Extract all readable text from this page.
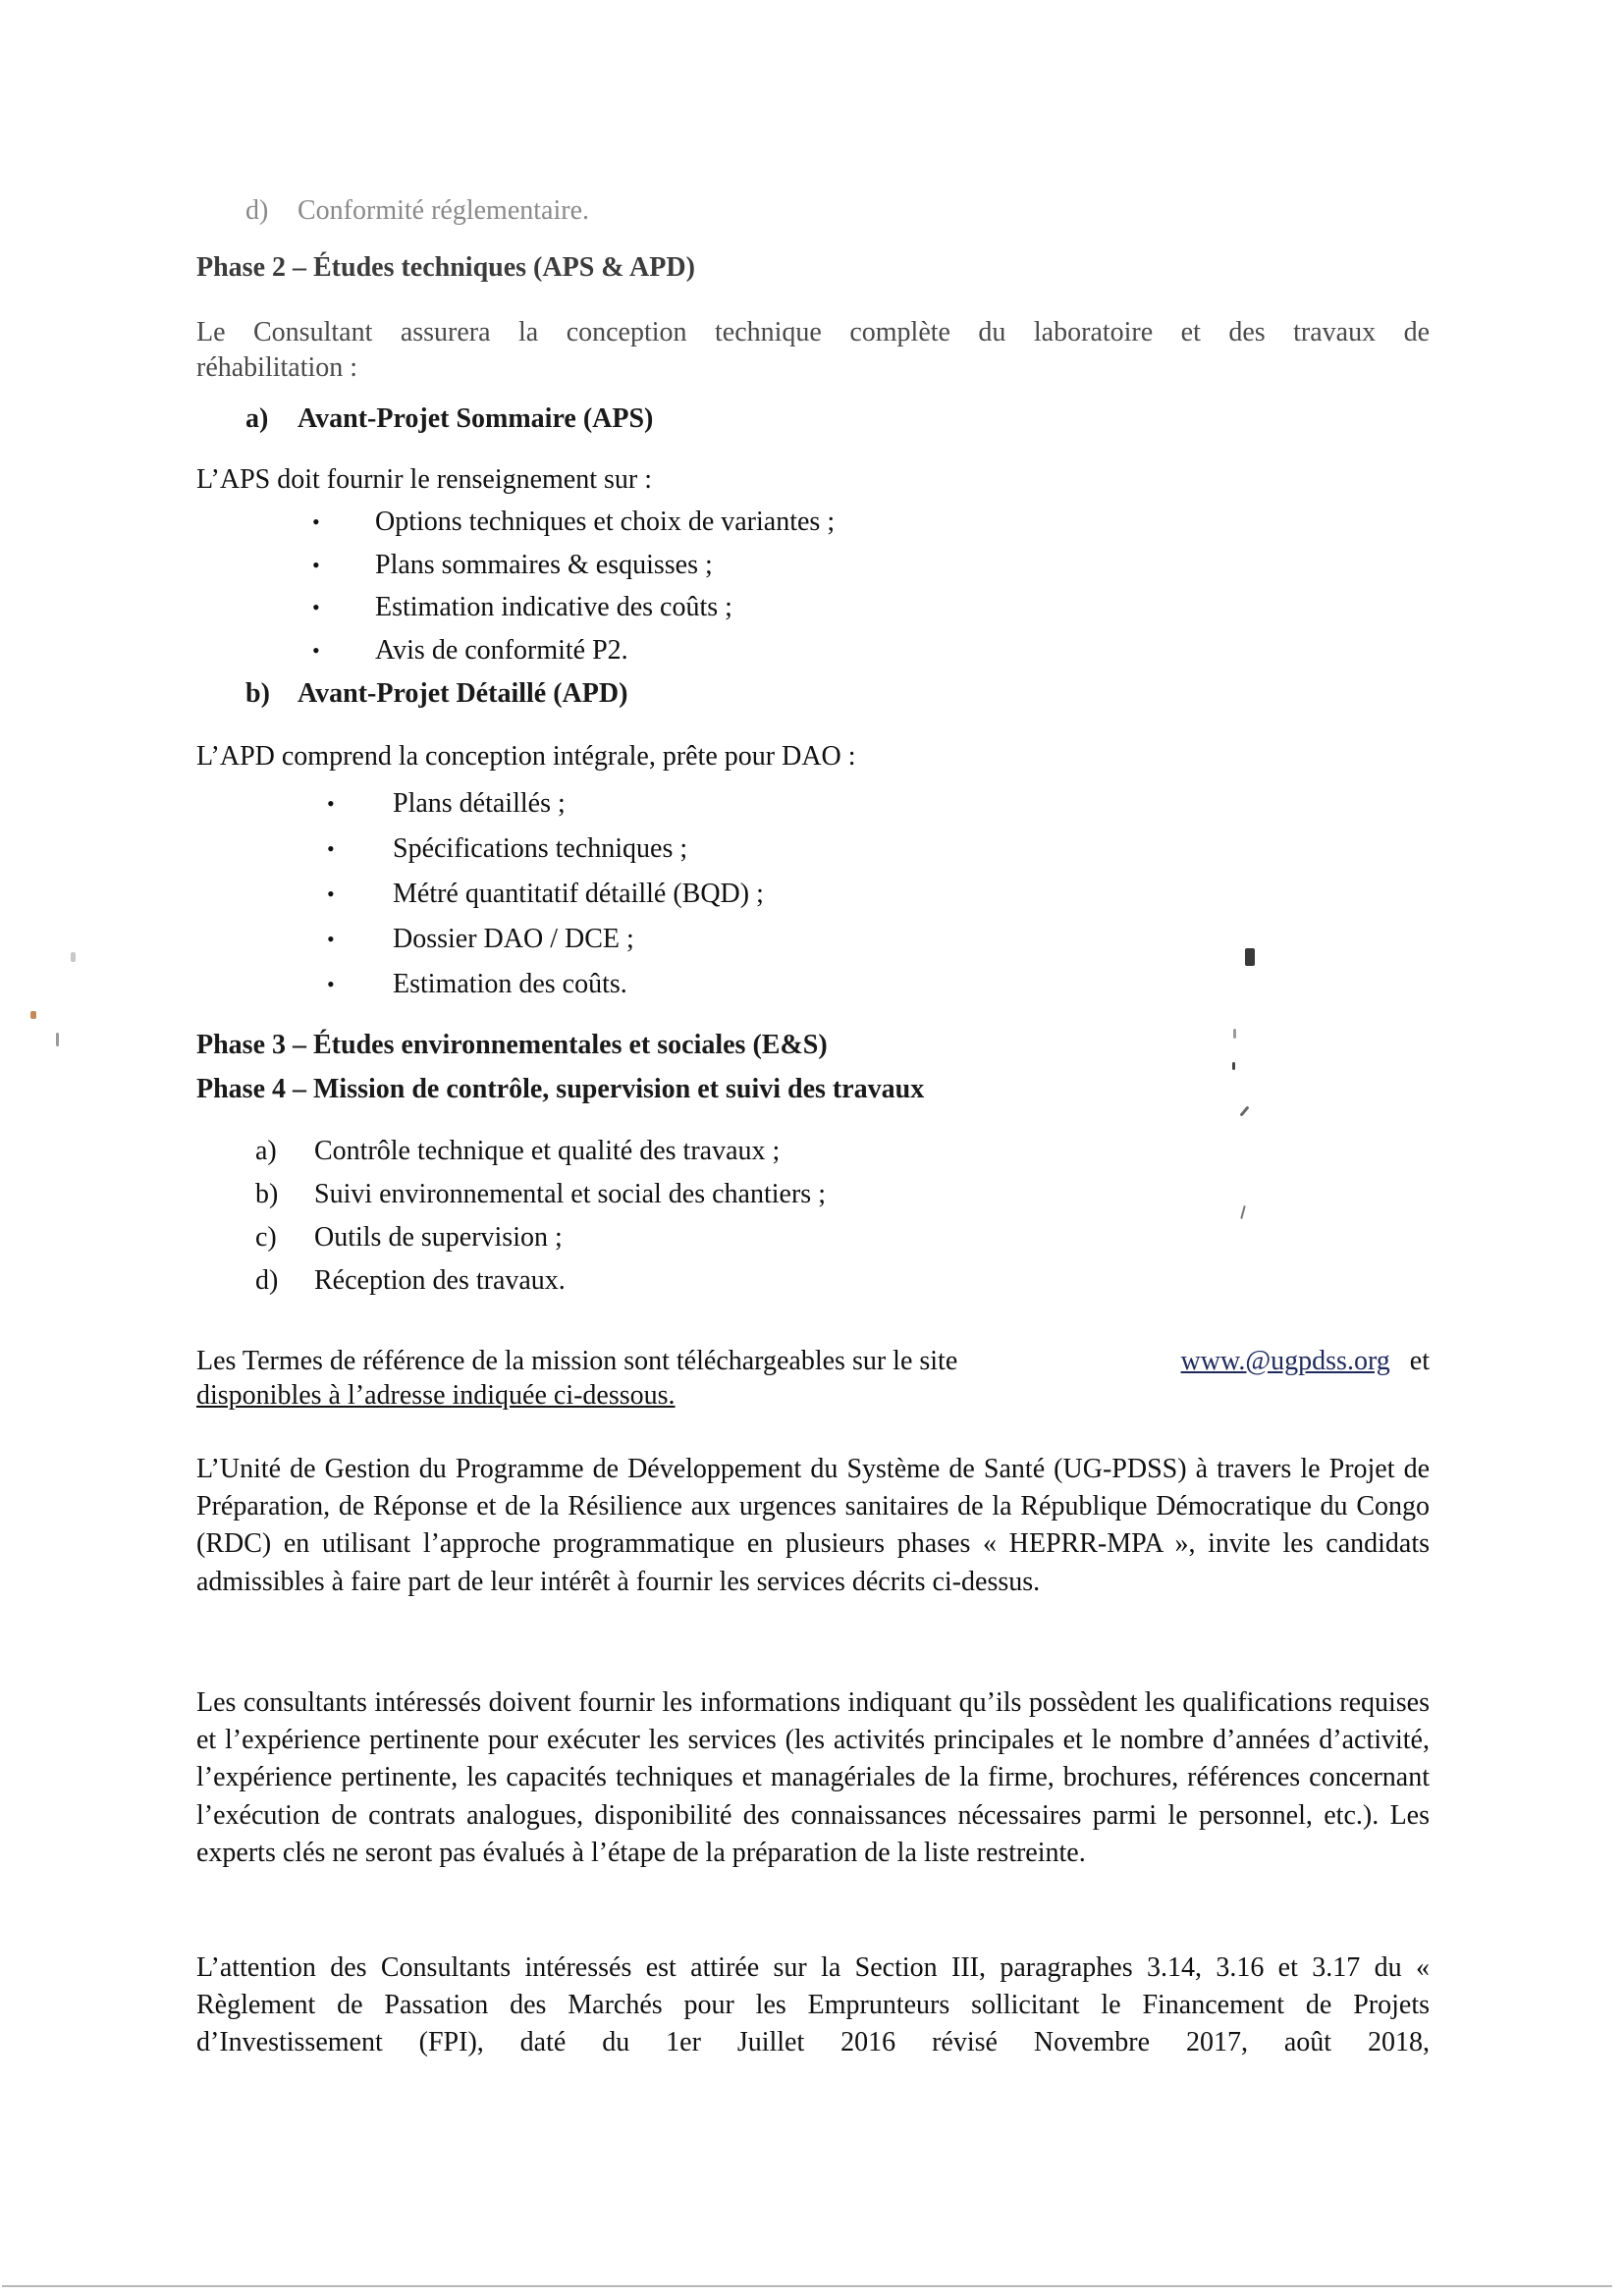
d) Conformité réglementaire.
Phase 2 – Études techniques (APS & APD)

Le Consultant assurera la conception technique complète du laboratoire et des travaux de

réhabilitation :
a) Avant-Projet Sommaire (APS)
L’APS doit fournir le renseignement sur :
• Options techniques et choix de variantes ;
• Plans sommaires & esquisses ;
• Estimation indicative des coûts ;
• Avis de conformité P2.
b) Avant-Projet Détaillé (APD)
L’APD comprend la conception intégrale, prête pour DAO :
• Plans détaillés ;
• Spécifications techniques ;
• Métré quantitatif détaillé (BQD) ;
• Dossier DAO / DCE ;
• Estimation des coûts.
Phase 3 – Études environnementales et sociales (E&S)
Phase 4 – Mission de contrôle, supervision et suivi des travaux
a) Contrôle technique et qualité des travaux ;
b) Suivi environnemental et social des chantiers ;
c) Outils de supervision ;
d) Réception des travaux.
Les Termes de référence de la mission sont téléchargeables sur le site	www.@ugpdss.org et
disponibles à l’adresse indiquée ci-dessous.

L’Unité de Gestion du Programme de Développement du Système de Santé (UG-PDSS) à travers le Projet de Préparation, de Réponse et de la Résilience aux urgences sanitaires de la République Démocratique du Congo (RDC) en utilisant l’approche programmatique en plusieurs phases « HEPRR-MPA », invite les candidats admissibles à faire part de leur intérêt à fournir les services décrits ci-dessus.

Les consultants intéressés doivent fournir les informations indiquant qu’ils possèdent les qualifications requises et l’expérience pertinente pour exécuter les services (les activités principales et le nombre d’années d’activité, l’expérience pertinente, les capacités techniques et managériales de la firme, brochures, références concernant l’exécution de contrats analogues, disponibilité des connaissances nécessaires parmi le personnel, etc.). Les experts clés ne seront pas évalués à l’étape de la préparation de la liste restreinte.

L’attention des Consultants intéressés est attirée sur la Section III, paragraphes 3.14, 3.16 et 3.17 du « Règlement de Passation des Marchés pour les Emprunteurs sollicitant le Financement de Projets d’Investissement (FPI), daté du 1er Juillet 2016 révisé Novembre 2017, août 2018,
